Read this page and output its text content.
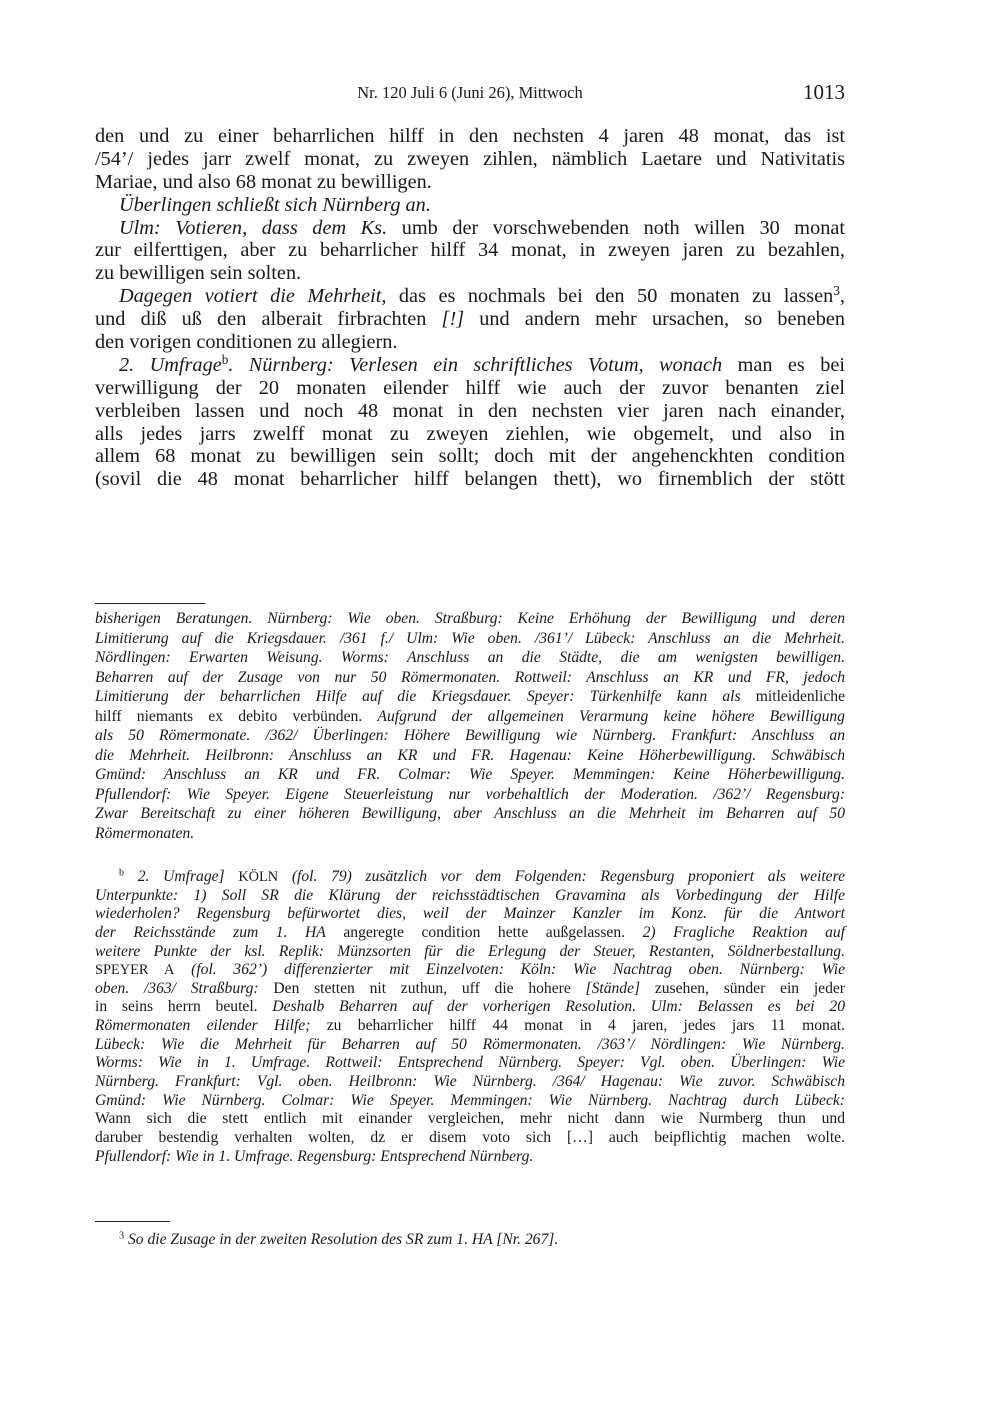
Nr. 120 Juli 6 (Juni 26), Mittwoch	1013
den und zu einer beharrlichen hilff in den nechsten 4 jaren 48 monat, das ist
/54’/ jedes jarr zwelf monat, zu zweyen zihlen, nämblich Laetare und Nativitatis
Mariae, und also 68 monat zu bewilligen.
Überlingen schließt sich Nürnberg an.
Ulm: Votieren, dass dem Ks. umb der vorschwebenden noth willen 30 monat
zur eilferttigen, aber zu beharrlicher hilff 34 monat, in zweyen jaren zu bezahlen,
zu bewilligen sein solten.
Dagegen votiert die Mehrheit, das es nochmals bei den 50 monaten zu lassen$^3$,
und diß uß den alberait firbrachten [!] und andern mehr ursachen, so beneben
den vorigen conditionen zu allegiern.
2. Umfrage$^b$. Nürnberg: Verlesen ein schriftliches Votum, wonach man es bei
verwilligung der 20 monaten eilender hilff wie auch der zuvor benanten ziel
verbleiben lassen und noch 48 monat in den nechsten vier jaren nach einander,
alls jedes jarrs zwelff monat zu zweyen ziehlen, wie obgemelt, und also in
allem 68 monat zu bewilligen sein sollt; doch mit der angehenckhten condition
(sovil die 48 monat beharrlicher hilff belangen thett), wo firnemblich der stött
bisherigen Beratungen. Nürnberg: Wie oben. Straßburg: Keine Erhöhung der Bewilligung und deren
Limitierung auf die Kriegsdauer. /361 f./ Ulm: Wie oben. /361’/ Lübeck: Anschluss an die Mehrheit.
Nördlingen: Erwarten Weisung. Worms: Anschluss an die Städte, die am wenigsten bewilligen.
Beharren auf der Zusage von nur 50 Römermonaten. Rottweil: Anschluss an KR und FR, jedoch
Limitierung der beharrlichen Hilfe auf die Kriegsdauer. Speyer: Türkenhilfe kann als mitleidenliche
hilff niemants ex debito verbünden. Aufgrund der allgemeinen Verarmung keine höhere Bewilligung
als 50 Römermonate. /362/ Überlingen: Höhere Bewilligung wie Nürnberg. Frankfurt: Anschluss an
die Mehrheit. Heilbronn: Anschluss an KR und FR. Hagenau: Keine Höherbewilligung. Schwäbisch
Gmünd: Anschluss an KR und FR. Colmar: Wie Speyer. Memmingen: Keine Höherbewilligung.
Pfullendorf: Wie Speyer. Eigene Steuerleistung nur vorbehaltlich der Moderation. /362’/ Regensburg:
Zwar Bereitschaft zu einer höheren Bewilligung, aber Anschluss an die Mehrheit im Beharren auf 50
Römermonaten.
$^b$ 2. Umfrage] KÖLN (fol. 79) zusätzlich vor dem Folgenden: Regensburg proponiert als weitere
Unterpunkte: 1) Soll SR die Klärung der reichsstädtischen Gravamina als Vorbedingung der Hilfe
wiederholen? Regensburg befürwortet dies, weil der Mainzer Kanzler im Konz. für die Antwort
der Reichsstände zum 1. HA angeregte condition hette außgelassen. 2) Fragliche Reaktion auf
weitere Punkte der ksl. Replik: Münzsorten für die Erlegung der Steuer, Restanten, Söldnerbestallung.
SPEYER A (fol. 362’) differenzierter mit Einzelvoten: Köln: Wie Nachtrag oben. Nürnberg: Wie
oben. /363/ Straßburg: Den stetten nit zuthun, uff die hohere [Stände] zusehen, sünder ein jeder
in seins herrn beutel. Deshalb Beharren auf der vorherigen Resolution. Ulm: Belassen es bei 20
Römermonaten eilender Hilfe; zu beharrlicher hilff 44 monat in 4 jaren, jedes jars 11 monat.
Lübeck: Wie die Mehrheit für Beharren auf 50 Römermonaten. /363’/ Nördlingen: Wie Nürnberg.
Worms: Wie in 1. Umfrage. Rottweil: Entsprechend Nürnberg. Speyer: Vgl. oben. Überlingen: Wie
Nürnberg. Frankfurt: Vgl. oben. Heilbronn: Wie Nürnberg. /364/ Hagenau: Wie zuvor. Schwäbisch
Gmünd: Wie Nürnberg. Colmar: Wie Speyer. Memmingen: Wie Nürnberg. Nachtrag durch Lübeck:
Wann sich die stett entlich mit einander vergleichen, mehr nicht dann wie Nurmberg thun und
daruber bestendig verhalten wolten, dz er disem voto sich […] auch beipflichtig machen wolte.
Pfullendorf: Wie in 1. Umfrage. Regensburg: Entsprechend Nürnberg.
$^3$ So die Zusage in der zweiten Resolution des SR zum 1. HA [Nr. 267].
